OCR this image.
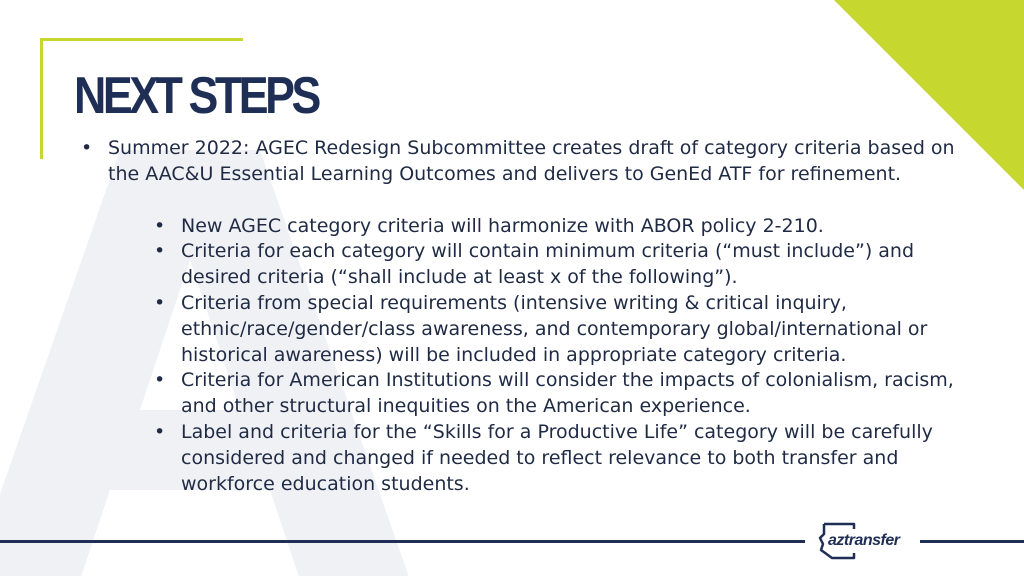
NEXT STEPS
• Summer 2022: AGEC Redesign Subcommittee creates draft of category criteria based on the AAC&U Essential Learning Outcomes and delivers to GenEd ATF for refinement.
• New AGEC category criteria will harmonize with ABOR policy 2-210.
• Criteria for each category will contain minimum criteria (“must include”) and desired criteria (“shall include at least x of the following”).
• Criteria from special requirements (intensive writing & critical inquiry, ethnic/race/gender/class awareness, and contemporary global/international or historical awareness) will be included in appropriate category criteria.
• Criteria for American Institutions will consider the impacts of colonialism, racism, and other structural inequities on the American experience.
• Label and criteria for the “Skills for a Productive Life” category will be carefully considered and changed if needed to reflect relevance to both transfer and workforce education students.
aztransfer
